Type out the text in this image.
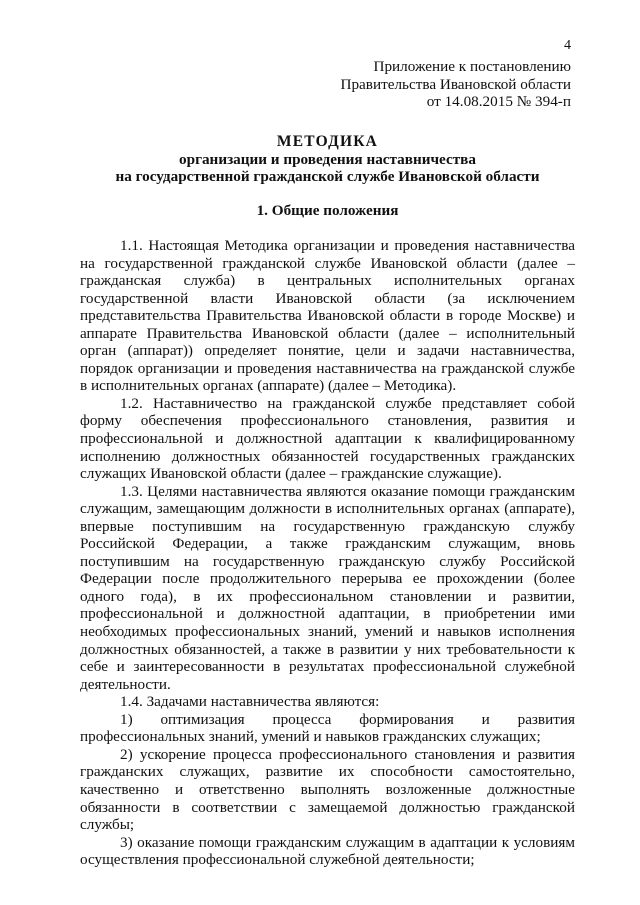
4
Приложение к постановлению
Правительства Ивановской области
от 14.08.2015 № 394-п
МЕТОДИКА
организации и проведения наставничества
на государственной гражданской службе Ивановской области
1. Общие положения

1.1. Настоящая Методика организации и проведения наставничества на государственной гражданской службе Ивановской области (далее – гражданская служба) в центральных исполнительных органах государственной власти Ивановской области (за исключением представительства Правительства Ивановской области в городе Москве) и аппарате Правительства Ивановской области (далее – исполнительный орган (аппарат)) определяет понятие, цели и задачи наставничества, порядок организации и проведения наставничества на гражданской службе в исполнительных органах (аппарате) (далее – Методика).

1.2. Наставничество на гражданской службе представляет собой форму обеспечения профессионального становления, развития и профессиональной и должностной адаптации к квалифицированному исполнению должностных обязанностей государственных гражданских служащих Ивановской области (далее – гражданские служащие).

1.3. Целями наставничества являются оказание помощи гражданским служащим, замещающим должности в исполнительных органах (аппарате), впервые поступившим на государственную гражданскую службу Российской Федерации, а также гражданским служащим, вновь поступившим на государственную гражданскую службу Российской Федерации после продолжительного перерыва ее прохождении (более одного года), в их профессиональном становлении и развитии, профессиональной и должностной адаптации, в приобретении ими необходимых профессиональных знаний, умений и навыков исполнения должностных обязанностей, а также в развитии у них требовательности к себе и заинтересованности в результатах профессиональной служебной деятельности.

1.4. Задачами наставничества являются:

1) оптимизация процесса формирования и развития профессиональных знаний, умений и навыков гражданских служащих;

2) ускорение процесса профессионального становления и развития гражданских служащих, развитие их способности самостоятельно, качественно и ответственно выполнять возложенные должностные обязанности в соответствии с замещаемой должностью гражданской службы;

3) оказание помощи гражданским служащим в адаптации к условиям осуществления профессиональной служебной деятельности;
